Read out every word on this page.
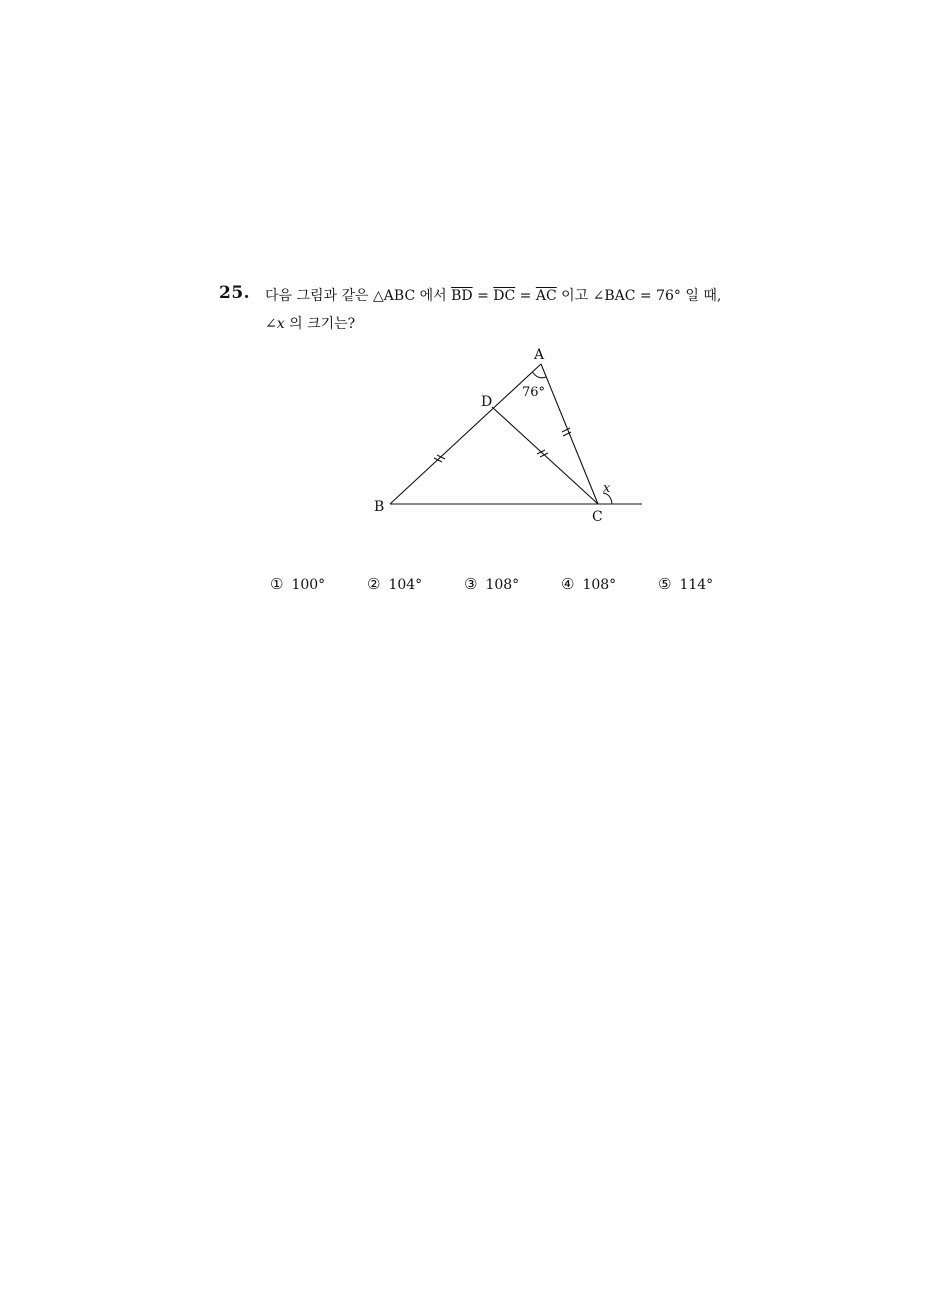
25. 다음 그림과 같은 △ABC 에서 $\overline{BD} = \overline{DC} = \overline{AC}$ 이고 ∠BAC = 76° 일 때,
∠x 의 크기는?
A
D
B
C
76°
x
① 100°	② 104°	③ 108°	④ 108°	⑤ 114°
